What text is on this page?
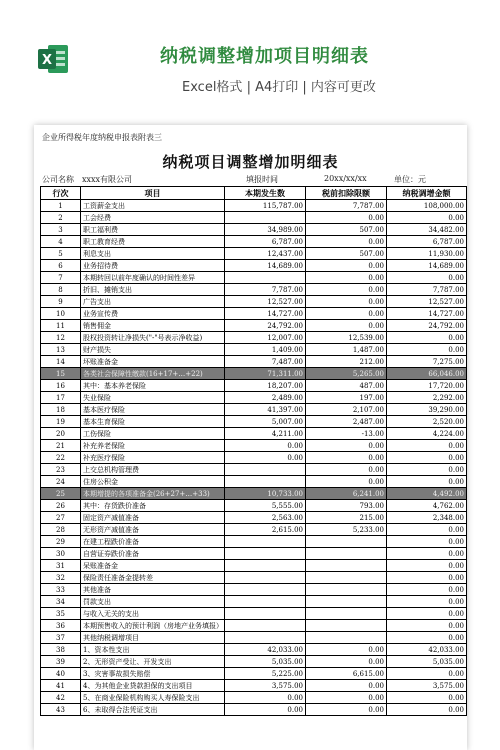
X	纳税调整增加项目明细表
Excel格式 | A4打印 | 内容可更改
企业所得税年度纳税申报表附表三
纳税项目调整增加明细表
公司名称 xxxx有限公司	填报时间	20xx/xx/xx	单位：元
行次	项目	本期发生数	税前扣除限额	纳税调增金额
1	工资薪金支出	115,787.00	7,787.00	108,000.00
2	工会经费		0.00	0.00
3	职工福利费	34,989.00	507.00	34,482.00
4	职工教育经费	6,787.00	0.00	6,787.00
5	利息支出	12,437.00	507.00	11,930.00
6	业务招待费	14,689.00	0.00	14,689.00
7	本期转回以前年度确认的时间性差异		0.00	0.00
8	折旧、摊销支出	7,787.00	0.00	7,787.00
9	广告支出	12,527.00	0.00	12,527.00
10	业务宣传费	14,727.00	0.00	14,727.00
11	销售佣金	24,792.00	0.00	24,792.00
12	股权投资转让净损失("-"号表示净收益)	12,007.00	12,539.00	0.00
13	财产损失	1,409.00	1,487.00	0.00
14	坏账准备金	7,487.00	212.00	7,275.00
15	各类社会保障性缴款(16+17+…+22)	71,311.00	5,265.00	66,046.00
16	其中：基本养老保险	18,207.00	487.00	17,720.00
17	失业保险	2,489.00	197.00	2,292.00
18	基本医疗保险	41,397.00	2,107.00	39,290.00
19	基本生育保险	5,007.00	2,487.00	2,520.00
20	工伤保险	4,211.00	-13.00	4,224.00
21	补充养老保险	0.00	0.00	0.00
22	补充医疗保险	0.00	0.00	0.00
23	上交总机构管理费		0.00	0.00
24	住房公积金		0.00	0.00
25	本期增提的各项准备金(26+27+…+33)	10,733.00	6,241.00	4,492.00
26	其中：存货跌价准备	5,555.00	793.00	4,762.00
27	固定资产减值准备	2,563.00	215.00	2,348.00
28	无形资产减值准备	2,615.00	5,233.00	0.00
29	在建工程跌价准备			0.00
30	自营证券跌价准备			0.00
31	呆账准备金			0.00
32	保险责任准备金提转差			0.00
33	其他准备			0.00
34	罚款支出			0.00
35	与收入无关的支出			0.00
36	本期预售收入的预计利润（房地产业务填报）			0.00
37	其他纳税调增项目			0.00
38	1、资本性支出	42,033.00	0.00	42,033.00
39	2、无形资产受让、开发支出	5,035.00	0.00	5,035.00
40	3、灾害事故损失赔偿	5,225.00	6,615.00	0.00
41	4、为其他企业贷款担保的支出项目	3,575.00	0.00	3,575.00
42	5、在商业保险机构购买人寿保险支出	0.00	0.00	0.00
43	6、未取得合法凭证支出	0.00	0.00	0.00
